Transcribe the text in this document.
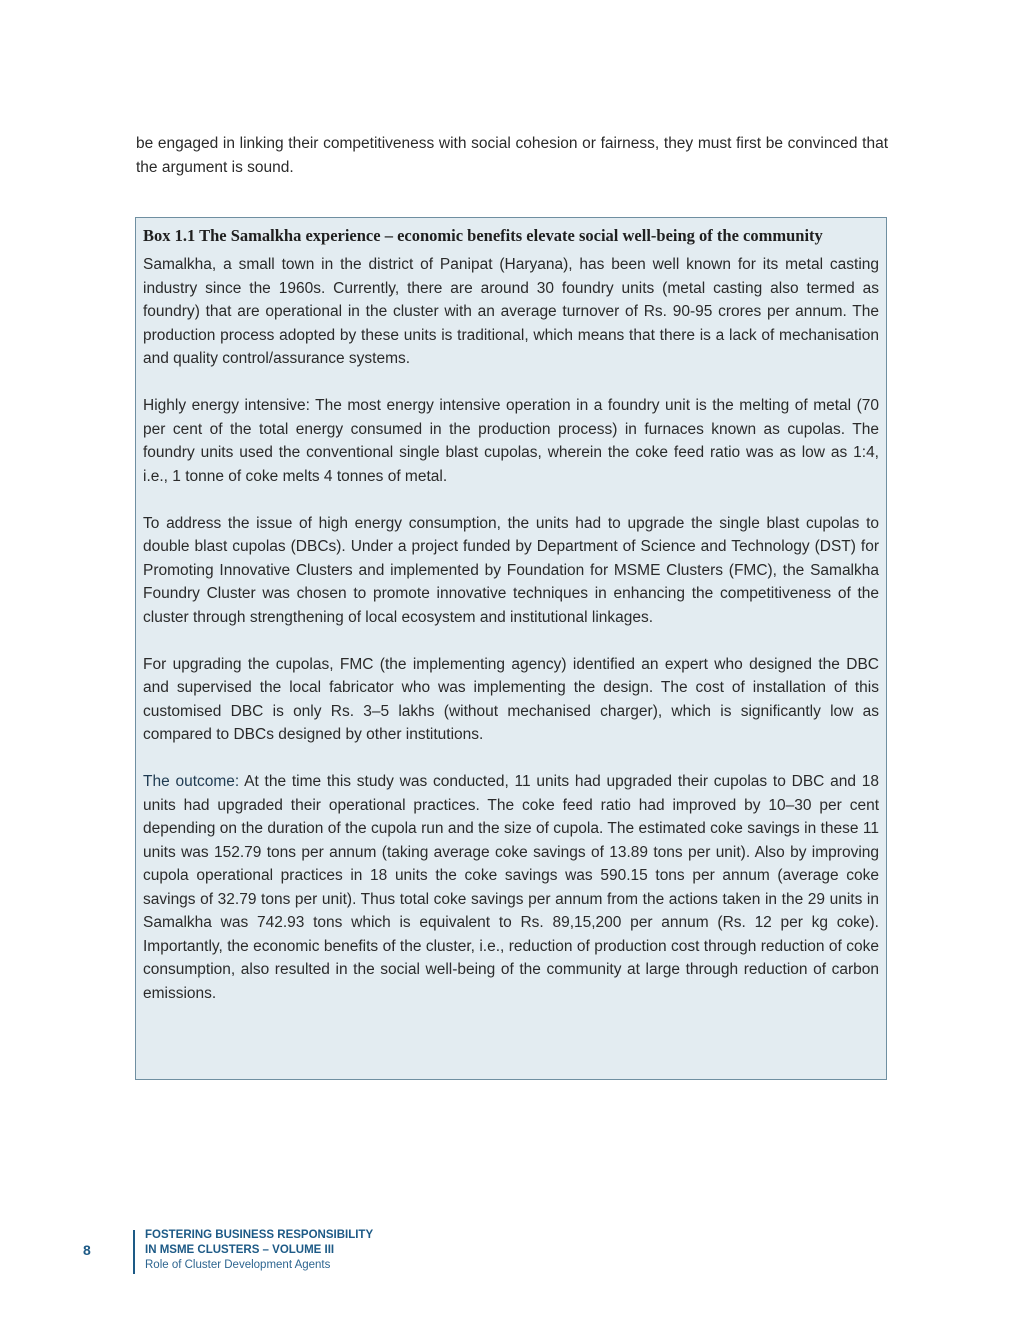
be engaged in linking their competitiveness with social cohesion or fairness, they must first be convinced that the argument is sound.

Box 1.1 The Samalkha experience – economic benefits elevate social well-being of the community

Samalkha, a small town in the district of Panipat (Haryana), has been well known for its metal casting industry since the 1960s. Currently, there are around 30 foundry units (metal casting also termed as foundry) that are operational in the cluster with an average turnover of Rs. 90-95 crores per annum. The production process adopted by these units is traditional, which means that there is a lack of mechanisation and quality control/assurance systems.

Highly energy intensive: The most energy intensive operation in a foundry unit is the melting of metal (70 per cent of the total energy consumed in the production process) in furnaces known as cupolas. The foundry units used the conventional single blast cupolas, wherein the coke feed ratio was as low as 1:4, i.e., 1 tonne of coke melts 4 tonnes of metal.

To address the issue of high energy consumption, the units had to upgrade the single blast cupolas to double blast cupolas (DBCs). Under a project funded by Department of Science and Technology (DST) for Promoting Innovative Clusters and implemented by Foundation for MSME Clusters (FMC), the Samalkha Foundry Cluster was chosen to promote innovative techniques in enhancing the competitiveness of the cluster through strengthening of local ecosystem and institutional linkages.

For upgrading the cupolas, FMC (the implementing agency) identified an expert who designed the DBC and supervised the local fabricator who was implementing the design. The cost of installation of this customised DBC is only Rs. 3–5 lakhs (without mechanised charger), which is significantly low as compared to DBCs designed by other institutions.

The outcome: At the time this study was conducted, 11 units had upgraded their cupolas to DBC and 18 units had upgraded their operational practices. The coke feed ratio had improved by 10–30 per cent depending on the duration of the cupola run and the size of cupola. The estimated coke savings in these 11 units was 152.79 tons per annum (taking average coke savings of 13.89 tons per unit). Also by improving cupola operational practices in 18 units the coke savings was 590.15 tons per annum (average coke savings of 32.79 tons per unit). Thus total coke savings per annum from the actions taken in the 29 units in Samalkha was 742.93 tons which is equivalent to Rs. 89,15,200 per annum (Rs. 12 per kg coke). Importantly, the economic benefits of the cluster, i.e., reduction of production cost through reduction of coke consumption, also resulted in the social well-being of the community at large through reduction of carbon emissions.

8
FOSTERING BUSINESS RESPONSIBILITY
IN MSME CLUSTERS – VOLUME III
Role of Cluster Development Agents
